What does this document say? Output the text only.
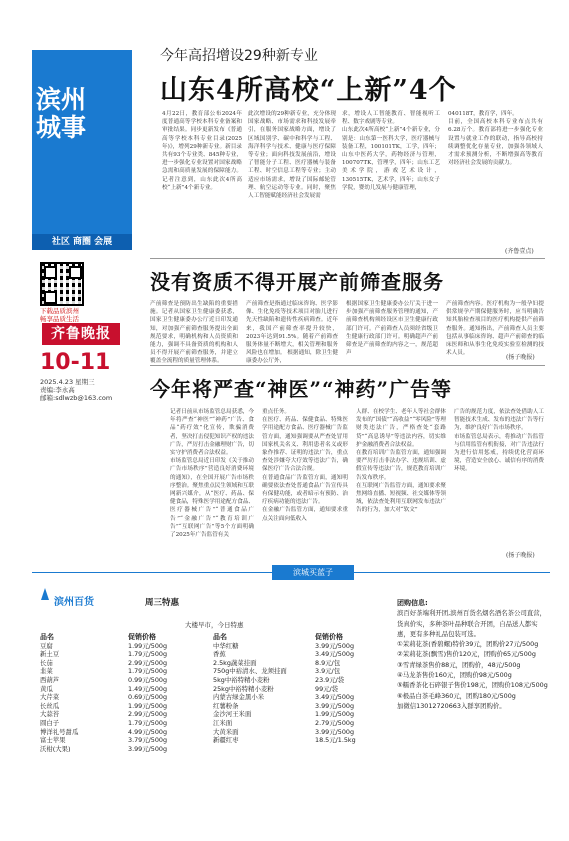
滨州
城事
社区 商圈 会展
下载品质滨州
畅享品质生活
齐鲁晚报
10-11
2025.4.23 星期三
责编:李永高
邮箱:sdlwzb@163.com
今年高招增设29种新专业
山东4所高校“上新”4个
4月22日，教育部公布2024年度普通高等学校本科专业备案和审批结果。同步更新发布《普通高等学校本科专业目录(2025年)》，增列29种新专业。新目录共有93个专业类、845种专业，进一步强化专业设置对国家战略急需和高质量发展的保障能力。记者注意到，山东此次4所高校“上新”4个新专业。
此次增设的29种新专业，充分体现国家战略、市场需求和科技发展牵引，在服务国家战略方面，增设了区域国别学、碳中和科学与工程、海洋科学与技术、健康与医疗保障等专业；面向科技发展前沿，增设了智能分子工程、医疗器械与装备工程、时空信息工程等专业；主动适应市场需求，增设了国际邮轮管理、航空运动等专业。同时，聚焦人工智能赋能经济社会发展需
求，增设人工智能教育、智能视听工程、数字戏剧等专业。
山东此次4所高校“上新”4个新专业，分别是：山东第一医科大学，医疗器械与装备工程，100101TK，工学，四年；山东中医药大学，药物经济与管理，100707TK，管理学，四年；山东工艺美术学院，游戏艺术设计，130515TK，艺术学，四年；山东女子学院，婴幼儿发展与健康管理，
040118T，教育学，四年。
目前，全国高校本科专业布点共有6.28万个。教育部将进一步强化专业设置与就业工作的联动，指导高校持续调整优化存量专业，加强各领域人才需求预测分析，不断增强高等教育对经济社会发展的贡献力。
(齐鲁壹点)
没有资质不得开展产前筛查服务
产前筛查是预防出生缺陷的重要措施。记者从国家卫生健康委获悉，国家卫生健康委办公厅近日印发通知，对加强产前筛查服务提出全面规范要求，明确机构和人员资质和能力，强调不具备资质的机构和人员不得开展产前筛查服务，并建立覆盖全流程的质量管理体系。
产前筛查是指通过临床咨询、医学影像、生化免疫等技术项目对胎儿进行先天性缺陷和遗传性疾病筛查。近年来，我国产前筛查率提升较快，2023年达到91.5%。随着产前筛查服务体量不断增大，相关管理和服务风险也在增加。 根据通知，除卫生健康委办公厅外，
根据国家卫生健康委办公厅关于进一步加强产前筛查服务管理的通知，产前筛查机构须经设区市卫生健康行政部门许可。产前筛查人员须经省级卫生健康行政部门许可。明确超声产前筛查是产前筛查的内容之一，规范超声
产前筛查内容。医疗机构为一般孕妇提供常规孕产期保健服务时，应当明确告知其胎检查项目的医疗机构提供产前筛查服务。通知指出，产前筛查人员主要包括从事临床咨询、超声产前筛查的临床医师和从事生化免疫实验室检测的技术人员。
(扬子晚报)
今年将严查“神医”“神药”广告等
记者日前从市场监管总局获悉，今年将严查“神医”“神药”广告、食品“药疗效”化宣传，欺骗消费者，坚决打击侵犯知识产权的违法广告，严厉打击金融理财广告，切实守护消费者合法权益。
市场监管总局近日印发《关于推动广告市场秩序”营造良好消费环境的通知》，在全国开展广告市场秩序整治。聚焦重点民生领域和互联网新兴媒介，从“医疗、药品、保健食品，特殊医学用途配方食品、医疗器械广告”“普通食品广告”“金融广告”“教育培训广告”“互联网广告”等5个方面明确了2025年广告监管有关
重点任务。
在医疗、药品、保健食品、特殊医学用途配方食品、医疗器械广告监管方面，通知强调要从严查处冒用国家机关名义、利用患者名义或形象作推荐、证明的违法广告，重点查处涉嫌夸大疗效等违法广告，确保医疗广告合法合规。
在普通食品广告监管方面，通知明确要依法查处普通食品广告宣传具有保健功能，或者暗示有预防、治疗疾病功能的违法广告。
在金融广告监管方面，通知要求重点关注面向低收入
人群、在校学生、老年人等社会群体发布的“国债”“高收益”“零风险”等理财类违法广告，严格查处“套路贷”“高息诱导”等违法内容，切实维护金融消费者合法权益。
在教育培训广告监管方面，通知强调要严厉打击非法办学、违规培训、虚假宣传等违法广告，规范教育培训广告发布秩序。
在互联网广告监管方面，通知要求聚焦网络直播、短视频、社交媒体等领域，依法查处利用互联网发布违法广告的行为，加大对“软文”
广告的规范力度，依法查处借助人工智能技术生成、发布的违法广告等行为，维护良好广告市场秩序。
市场监管总局表示，将推动广告监管与信用监管有机衔接，对广告违法行为进行信用惩戒，持续优化营商环境，营造安全放心、诚信有序的消费环境。
(扬子晚报)
滨城买蓝子
滨州百货	周三特惠
大楼早市，今日特惠
品名
豆腐
新土豆
长茄
韭菜
西葫芦
黄瓜
大芹菜
长丝瓜
大蒜苔
圆白子
博洋礼号甜瓜
富士苹果
沃柑(大果)
促销价格
1.99元/500g
1.79元/500g
2.99元/500g
1.79元/500g
0.99元/500g
1.49元/500g
0.69元/500g
1.99元/500g
2.99元/500g
1.79元/500g
4.99元/500g
3.79元/500g
3.99元/500g
品名
中华红糖
香蕉
2.5kg蔬菜挂面
750g中裕清水、龙须挂面
5kg中裕特精小麦粉
25kg中裕特精小麦粉
内蒙古绿金黑小米
红薯粉条
金沙河王米面
江米面
大黄米面
新疆红枣
促销价格
3.99元/500g
3.49元/500g
8.9元/包
3.9元/包
23.9元/袋
99元/袋
3.49元/500g
3.99元/500g
1.99元/500g
2.79元/500g
3.99元/500g
18.5元/1.5kg
团购信息:
滨百好茶端利开团,滨州百货名烟名酒名茶公司直营，货真价实，多种茶叶品种联合开团，自品送人都实惠，更有多种礼品包装可选。
①茉莉花茶(香碧螺)特价39元，团购价27元/500g
②茉莉花茶(飘雪)售价120元，团购价65元/500g
③雪青绿茶售价88元，团购价，48元/500g
④马龙茶售价160元，团购价98元/500g
⑤糯香茶化石碎银子售价198元，团购价108元/500g
⑥极品白茶毛峰360元，团购180元/500g
加微信13012720663入群享团购价。
